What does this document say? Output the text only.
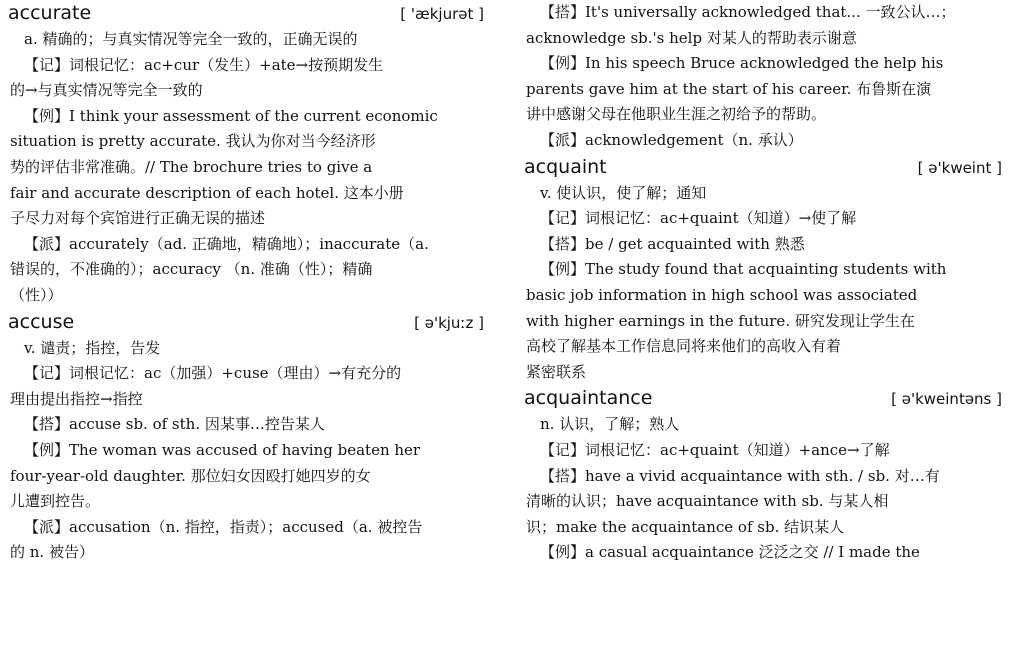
accurate	[ 'ækjurət ]
a. 精确的；与真实情况等完全一致的，正确无误的
【记】词根记忆：ac+cur（发生）+ate→按预期发生
的→与真实情况等完全一致的
【例】I think your assessment of the current economic
situation is pretty accurate. 我认为你对当今经济形
势的评估非常准确。// The brochure tries to give a
fair and accurate description of each hotel. 这本小册
子尽力对每个宾馆进行正确无误的描述
【派】accurately（ad. 正确地，精确地）；inaccurate（a.
错误的，不准确的）；accuracy （n. 准确（性）；精确
（性））
accuse	[ ə'kjuːz ]
v. 谴责；指控，告发
【记】词根记忆：ac（加强）+cuse（理由）→有充分的
理由提出指控→指控
【搭】accuse sb. of sth. 因某事…控告某人
【例】The woman was accused of having beaten her
four-year-old daughter. 那位妇女因殴打她四岁的女
儿遭到控告。
【派】accusation（n. 指控，指责）；accused（a. 被控告
的 n. 被告）
【搭】It's universally acknowledged that... 一致公认…；
acknowledge sb.'s help 对某人的帮助表示谢意
【例】In his speech Bruce acknowledged the help his
parents gave him at the start of his career. 布鲁斯在演
讲中感谢父母在他职业生涯之初给予的帮助。
【派】acknowledgement（n. 承认）
acquaint	[ ə'kweint ]
v. 使认识，使了解；通知
【记】词根记忆：ac+quaint（知道）→使了解
【搭】be / get acquainted with 熟悉
【例】The study found that acquainting students with
basic job information in high school was associated
with higher earnings in the future. 研究发现让学生在
高校了解基本工作信息同将来他们的高收入有着
紧密联系
acquaintance	[ ə'kweintəns ]
n. 认识，了解；熟人
【记】词根记忆：ac+quaint（知道）+ance→了解
【搭】have a vivid acquaintance with sth. / sb. 对…有
清晰的认识；have acquaintance with sb. 与某人相
识；make the acquaintance of sb. 结识某人
【例】a casual acquaintance 泛泛之交 // I made the
